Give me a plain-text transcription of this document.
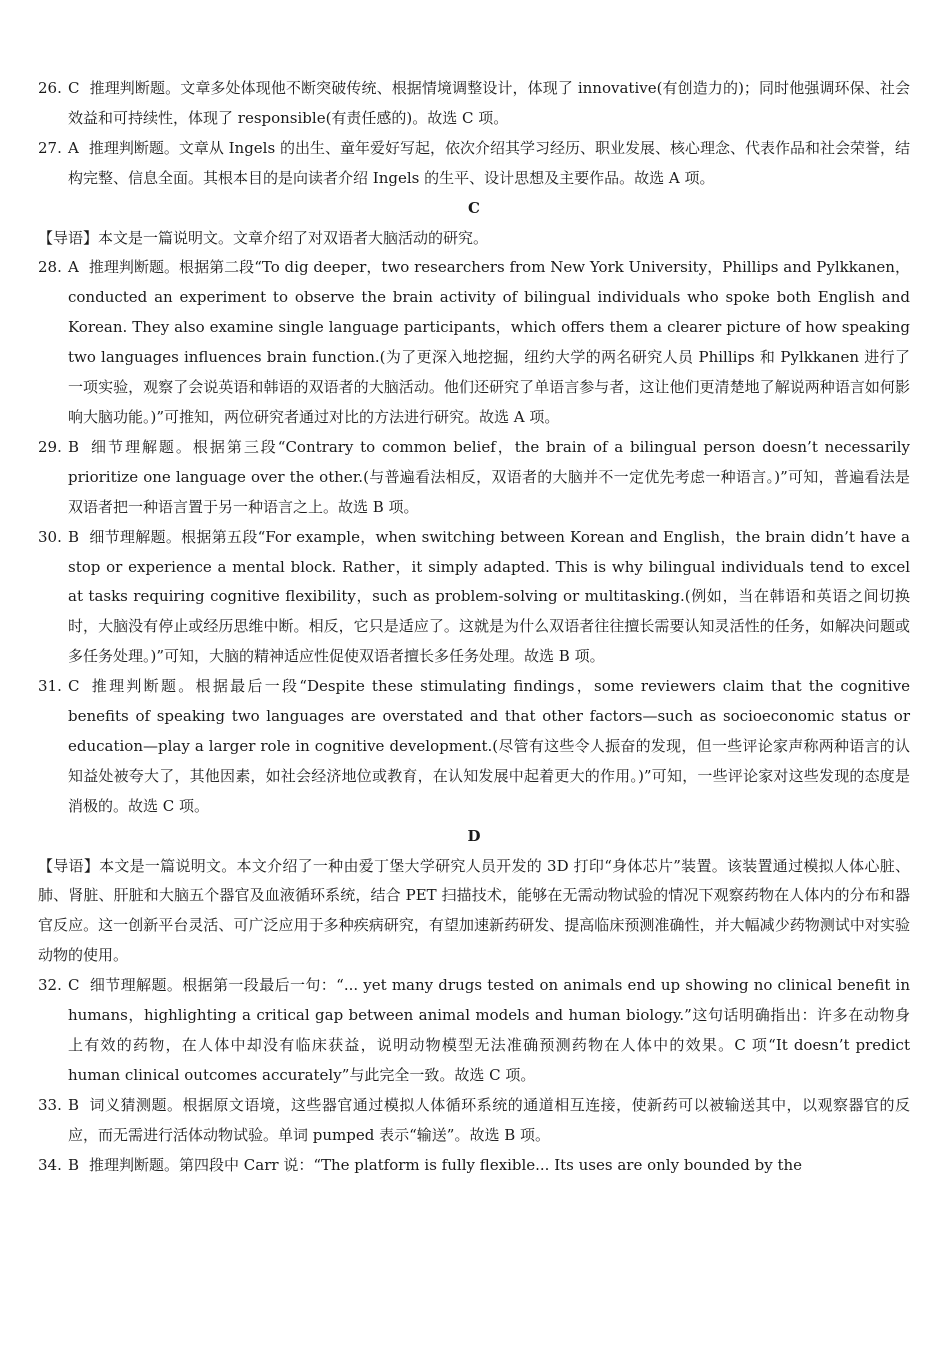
26. C 推理判断题。文章多处体现他不断突破传统、根据情境调整设计，体现了 innovative(有创造力的)；同时他强调环保、社会效益和可持续性，体现了 responsible(有责任感的)。故选 C 项。

27. A 推理判断题。文章从 Ingels 的出生、童年爱好写起，依次介绍其学习经历、职业发展、核心理念、代表作品和社会荣誉，结构完整、信息全面。其根本目的是向读者介绍 Ingels 的生平、设计思想及主要作品。故选 A 项。

C

【导语】本文是一篇说明文。文章介绍了对双语者大脑活动的研究。

28. A 推理判断题。根据第二段“To dig deeper，two researchers from New York University，Phillips and Pylkkanen，conducted an experiment to observe the brain activity of bilingual individuals who spoke both English and Korean. They also examine single language participants，which offers them a clearer picture of how speaking two languages influences brain function.(为了更深入地挖掘，纽约大学的两名研究人员 Phillips 和 Pylkkanen 进行了一项实验，观察了会说英语和韩语的双语者的大脑活动。他们还研究了单语言参与者，这让他们更清楚地了解说两种语言如何影响大脑功能。)”可推知，两位研究者通过对比的方法进行研究。故选 A 项。

29. B 细节理解题。根据第三段“Contrary to common belief，the brain of a bilingual person doesn’t necessarily prioritize one language over the other.(与普遍看法相反，双语者的大脑并不一定优先考虑一种语言。)”可知，普遍看法是双语者把一种语言置于另一种语言之上。故选 B 项。

30. B 细节理解题。根据第五段“For example，when switching between Korean and English，the brain didn’t have a stop or experience a mental block. Rather，it simply adapted. This is why bilingual individuals tend to excel at tasks requiring cognitive flexibility，such as problem-solving or multitasking.(例如，当在韩语和英语之间切换时，大脑没有停止或经历思维中断。相反，它只是适应了。这就是为什么双语者往往擅长需要认知灵活性的任务，如解决问题或多任务处理。)”可知，大脑的精神适应性促使双语者擅长多任务处理。故选 B 项。

31. C 推理判断题。根据最后一段“Despite these stimulating findings，some reviewers claim that the cognitive benefits of speaking two languages are overstated and that other factors—such as socioeconomic status or education—play a larger role in cognitive development.(尽管有这些令人振奋的发现，但一些评论家声称两种语言的认知益处被夸大了，其他因素，如社会经济地位或教育，在认知发展中起着更大的作用。)”可知，一些评论家对这些发现的态度是消极的。故选 C 项。

D

【导语】本文是一篇说明文。本文介绍了一种由爱丁堡大学研究人员开发的 3D 打印“身体芯片”装置。该装置通过模拟人体心脏、肺、肾脏、肝脏和大脑五个器官及血液循环系统，结合 PET 扫描技术，能够在无需动物试验的情况下观察药物在人体内的分布和器官反应。这一创新平台灵活、可广泛应用于多种疾病研究，有望加速新药研发、提高临床预测准确性，并大幅减少药物测试中对实验动物的使用。

32. C 细节理解题。根据第一段最后一句：“... yet many drugs tested on animals end up showing no clinical benefit in humans，highlighting a critical gap between animal models and human biology.”这句话明确指出：许多在动物身上有效的药物，在人体中却没有临床获益，说明动物模型无法准确预测药物在人体中的效果。C 项“It doesn’t predict human clinical outcomes accurately”与此完全一致。故选 C 项。

33. B 词义猜测题。根据原文语境，这些器官通过模拟人体循环系统的通道相互连接，使新药可以被输送其中，以观察器官的反应，而无需进行活体动物试验。单词 pumped 表示“输送”。故选 B 项。

34. B 推理判断题。第四段中 Carr 说：“The platform is fully flexible... Its uses are only bounded by the
